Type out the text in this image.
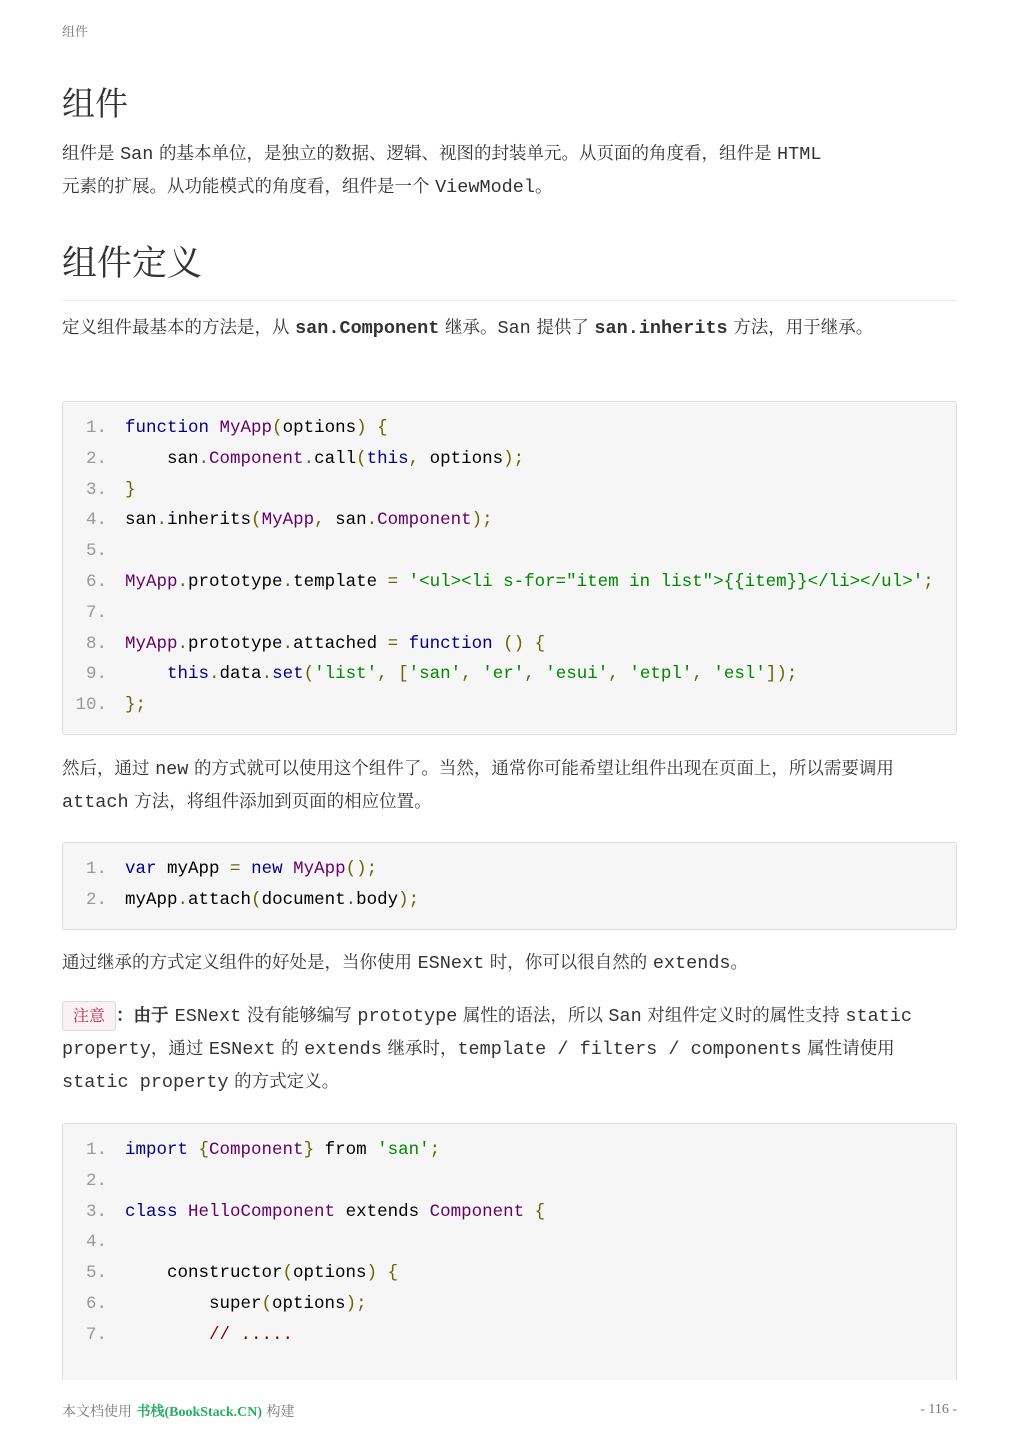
组件
组件

组件是 San 的基本单位，是独立的数据、逻辑、视图的封装单元。从页面的角度看，组件是 HTML
元素的扩展。从功能模式的角度看，组件是一个 ViewModel。

组件定义

定义组件最基本的方法是，从 san.Component 继承。San 提供了 san.inherits 方法，用于继承。

1. function MyApp(options) {
2. san.Component.call(this, options);
3. }
4. san.inherits(MyApp, san.Component);
5.
6. MyApp.prototype.template = '<ul><li s-for="item in list">{{item}}</li></ul>';
7.
8. MyApp.prototype.attached = function () {
9.	this.data.set('list', ['san', 'er', 'esui', 'etpl', 'esl']);
10. };

然后，通过 new 的方式就可以使用这个组件了。当然，通常你可能希望让组件出现在页面上，所以需要调用 attach 方法，将组件添加到页面的相应位置。

1. var myApp = new MyApp();
2. myApp.attach(document.body);

通过继承的方式定义组件的好处是，当你使用 ESNext 时，你可以很自然的 extends。

注意 ：由于 ESNext 没有能够编写 prototype 属性的语法，所以 San 对组件定义时的属性支持 static property，通过 ESNext 的 extends 继承时，template / filters / components 属性请使用 static property 的方式定义。

1. import {Component} from 'san';
2.
3. class HelloComponent extends Component {
4.
5. constructor(options) {
6. super(options);
7.	// .....
本文档使用 书栈(BookStack.CN) 构建	- 116 -
